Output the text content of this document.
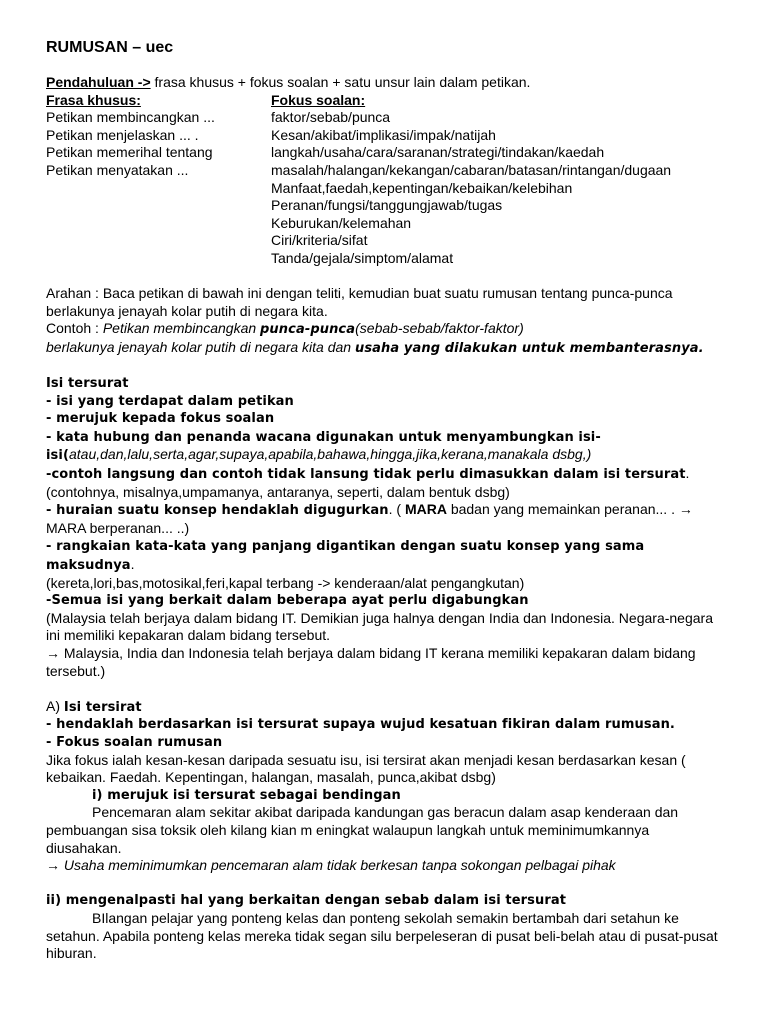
RUMUSAN – uec

Pendahuluan -> frasa khusus + fokus soalan + satu unsur lain dalam petikan.

Frasa khusus:
Petikan membincangkan ...
Petikan menjelaskan ... .
Petikan memerihal tentang
Petikan menyatakan ...
Fokus soalan:
faktor/sebab/punca
Kesan/akibat/implikasi/impak/natijah
langkah/usaha/cara/saranan/strategi/tindakan/kaedah
masalah/halangan/kekangan/cabaran/batasan/rintangan/dugaan
Manfaat,faedah,kepentingan/kebaikan/kelebihan
Peranan/fungsi/tanggungjawab/tugas
Keburukan/kelemahan
Ciri/kriteria/sifat
Tanda/gejala/simptom/alamat

Arahan : Baca petikan di bawah ini dengan teliti, kemudian buat suatu rumusan tentang punca-punca berlakunya jenayah kolar putih di negara kita.

Contoh : Petikan membincangkan punca-punca(sebab-sebab/faktor-faktor)

berlakunya jenayah kolar putih di negara kita dan usaha yang dilakukan untuk membanterasnya.

Isi tersurat

- isi yang terdapat dalam petikan

- merujuk kepada fokus soalan

- kata hubung dan penanda wacana digunakan untuk menyambungkan isi-isi(atau,dan,lalu,serta,agar,supaya,apabila,bahawa,hingga,jika,kerana,manakala dsbg,)

-contoh langsung dan contoh tidak lansung tidak perlu dimasukkan dalam isi tersurat.

(contohnya, misalnya,umpamanya, antaranya, seperti, dalam bentuk dsbg)

- huraian suatu konsep hendaklah digugurkan. ( MARA badan yang memainkan peranan... . → MARA berperanan... ..)

- rangkaian kata-kata yang panjang digantikan dengan suatu konsep yang sama maksudnya.

(kereta,lori,bas,motosikal,feri,kapal terbang -> kenderaan/alat pengangkutan)

-Semua isi yang berkait dalam beberapa ayat perlu digabungkan

(Malaysia telah berjaya dalam bidang IT. Demikian juga halnya dengan India dan Indonesia. Negara-negara ini memiliki kepakaran dalam bidang tersebut.

→ Malaysia, India dan Indonesia telah berjaya dalam bidang IT kerana memiliki kepakaran dalam bidang tersebut.)

A) Isi tersirat

- hendaklah berdasarkan isi tersurat supaya wujud kesatuan fikiran dalam rumusan.

- Fokus soalan rumusan

Jika fokus ialah kesan-kesan daripada sesuatu isu, isi tersirat akan menjadi kesan berdasarkan kesan ( kebaikan. Faedah. Kepentingan, halangan, masalah, punca,akibat dsbg)

i) merujuk isi tersurat sebagai bendingan

Pencemaran alam sekitar akibat daripada kandungan gas beracun dalam asap kenderaan dan pembuangan sisa toksik oleh kilang kian m eningkat walaupun langkah untuk meminimumkannya diusahakan.

→ Usaha meminimumkan pencemaran alam tidak berkesan tanpa sokongan pelbagai pihak

ii) mengenalpasti hal yang berkaitan dengan sebab dalam isi tersurat

BIlangan pelajar yang ponteng kelas dan ponteng sekolah semakin bertambah dari setahun ke setahun. Apabila ponteng kelas mereka tidak segan silu berpeleseran di pusat beli-belah atau di pusat-pusat hiburan.
